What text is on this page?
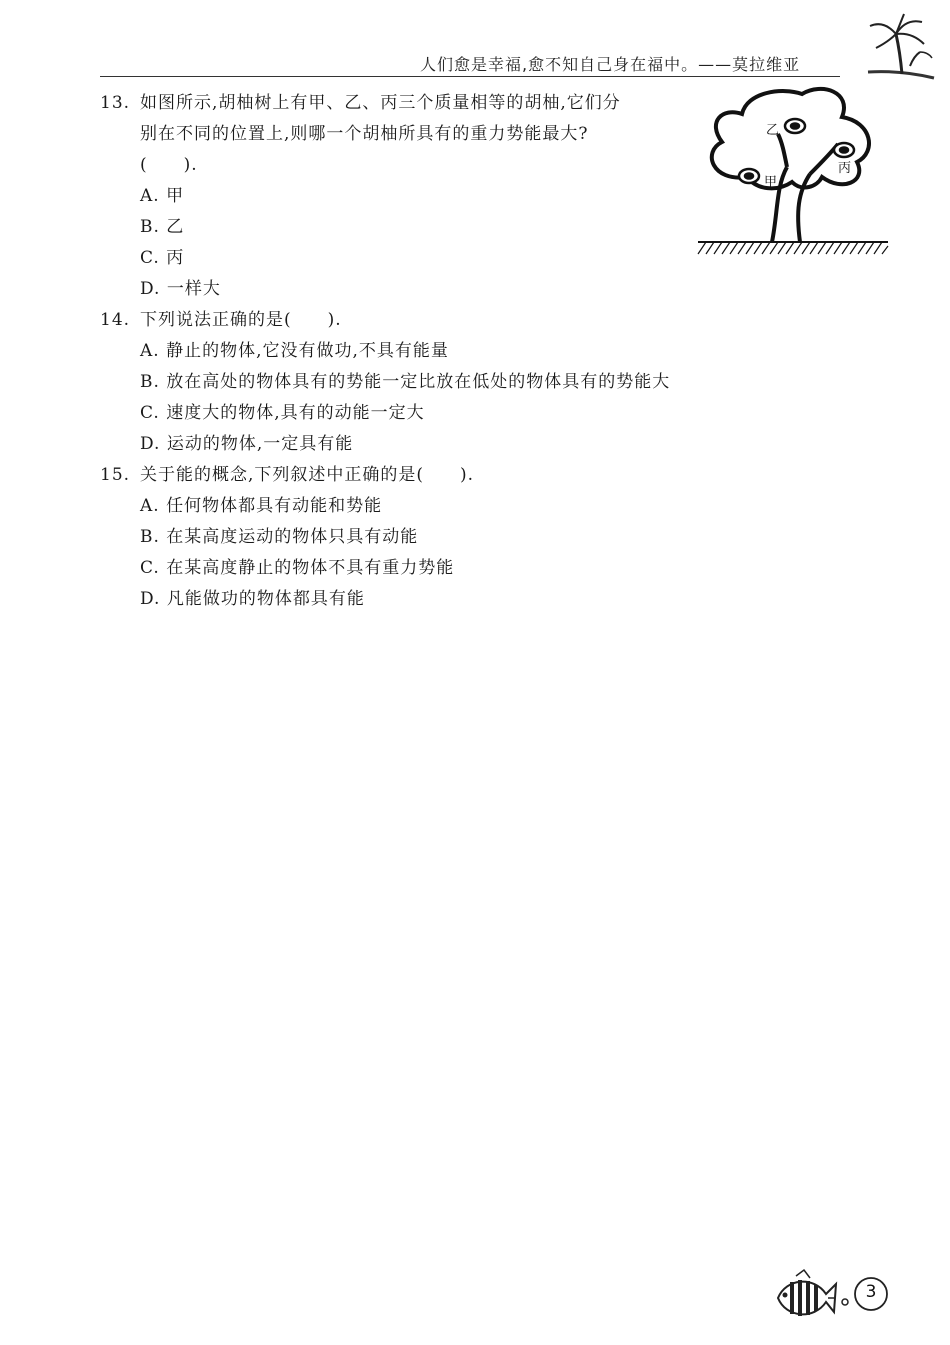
人们愈是幸福,愈不知自己身在福中。——莫拉维亚
13. 如图所示,胡柚树上有甲、乙、丙三个质量相等的胡柚,它们分
别在不同的位置上,则哪一个胡柚所具有的重力势能最大?
(　　).
A. 甲
B. 乙
C. 丙
D. 一样大
14. 下列说法正确的是(　　).
A. 静止的物体,它没有做功,不具有能量
B. 放在高处的物体具有的势能一定比放在低处的物体具有的势能大
C. 速度大的物体,具有的动能一定大
D. 运动的物体,一定具有能
15. 关于能的概念,下列叙述中正确的是(　　).
A. 任何物体都具有动能和势能
B. 在某高度运动的物体只具有动能
C. 在某高度静止的物体不具有重力势能
D. 凡能做功的物体都具有能
乙
丙
甲
3
